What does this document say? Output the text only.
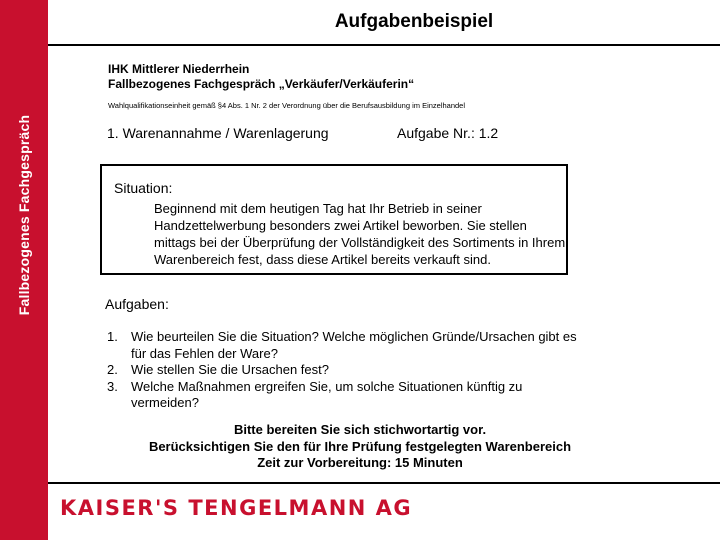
Fallbezogenes Fachgespräch
Aufgabenbeispiel
IHK Mittlerer Niederrhein
Fallbezogenes Fachgespräch „Verkäufer/Verkäuferin“
Wahlqualifikationseinheit gemäß §4 Abs. 1 Nr. 2 der Verordnung über die Berufsausbildung im Einzelhandel
1. Warenannahme / Warenlagerung	Aufgabe Nr.: 1.2
Situation:
Beginnend mit dem heutigen Tag hat Ihr Betrieb in seiner Handzettelwerbung besonders zwei Artikel beworben. Sie stellen mittags bei der Überprüfung der Vollständigkeit des Sortiments in Ihrem Warenbereich fest, dass diese Artikel bereits verkauft sind.
Aufgaben:
1.	Wie beurteilen Sie die Situation? Welche möglichen Gründe/Ursachen gibt es für das Fehlen der Ware?
2.	Wie stellen Sie die Ursachen fest?
3.	Welche Maßnahmen ergreifen Sie, um solche Situationen künftig zu vermeiden?
Bitte bereiten Sie sich stichwortartig vor.
Berücksichtigen Sie den für Ihre Prüfung festgelegten Warenbereich
Zeit zur Vorbereitung: 15 Minuten
KAISER'S TENGELMANN AG
